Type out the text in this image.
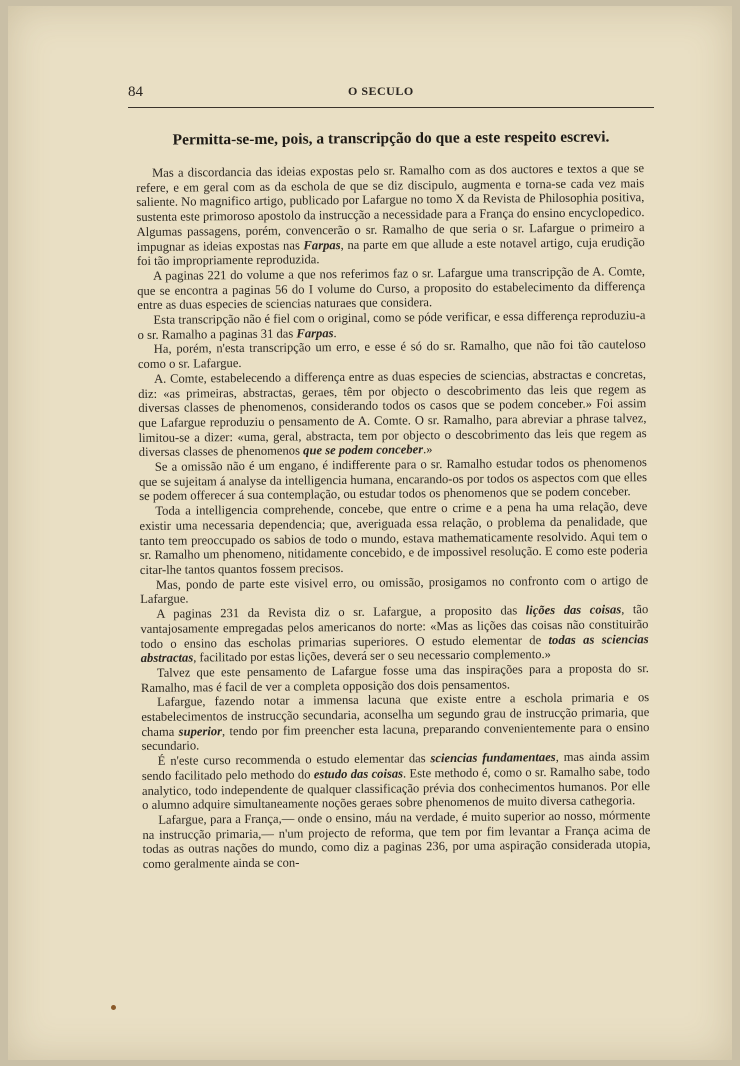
84	O SECULO
Permitta-se-me, pois, a transcripção do que a este respeito escrevi.

Mas a discordancia das ideias expostas pelo sr. Ramalho com as dos auctores e textos a que se refere, e em geral com as da escholа de que se diz discipulo, augmenta e torna-se cada vez mais saliente. No magnifico artigo, publicado por Lafargue no tomo X da Revista de Philosophia positiva, sustenta este primoroso apostolo da instrucção a necessidade para a França do ensino encyclopedico. Algumas passagens, porém, convencerão o sr. Ramalho de que seria o sr. Lafargue o primeiro a impugnar as ideias expostas nas Farpas, na parte em que allude a este notavel artigo, cuja erudição foi tão impropriamente reproduzida.

A paginas 221 do volume a que nos referimos faz o sr. Lafargue uma transcripção de A. Comte, que se encontra a paginas 56 do I volume do Curso, a proposito do estabelecimento da differença entre as duas especies de sciencias naturaes que considera.

Esta transcripção não é fiel com o original, como se póde verificar, e essa differença reproduziu-a o sr. Ramalho a paginas 31 das Farpas.

Ha, porém, n'esta transcripção um erro, e esse é só do sr. Ramalho, que não foi tão cauteloso como o sr. Lafargue.

A. Comte, estabelecendo a differença entre as duas especies de sciencias, abstractas e concretas, diz: «as primeiras, abstractas, geraes, têm por objecto o descobrimento das leis que regem as diversas classes de phenomenos, considerando todos os casos que se podem conceber.» Foi assim que Lafargue reproduziu o pensamento de A. Comte. O sr. Ramalho, para abreviar a phrase talvez, limitou-se a dizer: «uma, geral, abstracta, tem por objecto o descobrimento das leis que regem as diversas classes de phenomenos que se podem conceber.»

Se a omissão não é um engano, é indifferente para o sr. Ramalho estudar todos os phenomenos que se sujeitam á analyse da intelligencia humana, encarando-os por todos os aspectos com que elles se podem offerecer á sua contemplação, ou estudar todos os phenomenos que se podem conceber.

Toda a intelligencia comprehende, concebe, que entre o crime e a pena ha uma relação, deve existir uma necessaria dependencia; que, averiguada essa relação, o problema da penalidade, que tanto tem preoccupado os sabios de todo o mundo, estava mathematicamente resolvido. Aqui tem o sr. Ramalho um phenomeno, nitidamente concebido, e de impossivel resolução. E como este poderia citar-lhe tantos quantos fossem precisos.

Mas, pondo de parte este visivel erro, ou omissão, prosigamos no confronto com o artigo de Lafargue.

A paginas 231 da Revista diz o sr. Lafargue, a proposito das lições das coisas, tão vantajosamente empregadas pelos americanos do norte: «Mas as lições das coisas não constituirão todo o ensino das escholas primarias superiores. O estudo elementar de todas as sciencias abstractas, facilitado por estas lições, deverá ser o seu necessario complemento.»

Talvez que este pensamento de Lafargue fosse uma das inspirações para a proposta do sr. Ramalho, mas é facil de ver a completa opposição dos dois pensamentos.

Lafargue, fazendo notar a immensa lacuna que existe entre a eschola primaria e os estabelecimentos de instrucção secundaria, aconselha um segundo grau de instrucção primaria, que chama superior, tendo por fim preencher esta lacuna, preparando convenientemente para o ensino secundario.

É n'este curso recommenda o estudo elementar das sciencias fundamentaes, mas ainda assim sendo facilitado pelo methodo do estudo das coisas. Este methodo é, como o sr. Ramalho sabe, todo analytico, todo independente de qualquer classificação prévia dos conhecimentos humanos. Por elle o alumno adquire simultaneamente noções geraes sobre phenomenos de muito diversa cathegoria.

Lafargue, para a França,— onde o ensino, máu na verdade, é muito superior ao nosso, mórmente na instrucção primaria,— n'um projecto de reforma, que tem por fim levantar a França acima de todas as outras nações do mundo, como diz a paginas 236, por uma aspiração considerada utopia, como geralmente ainda se con-
